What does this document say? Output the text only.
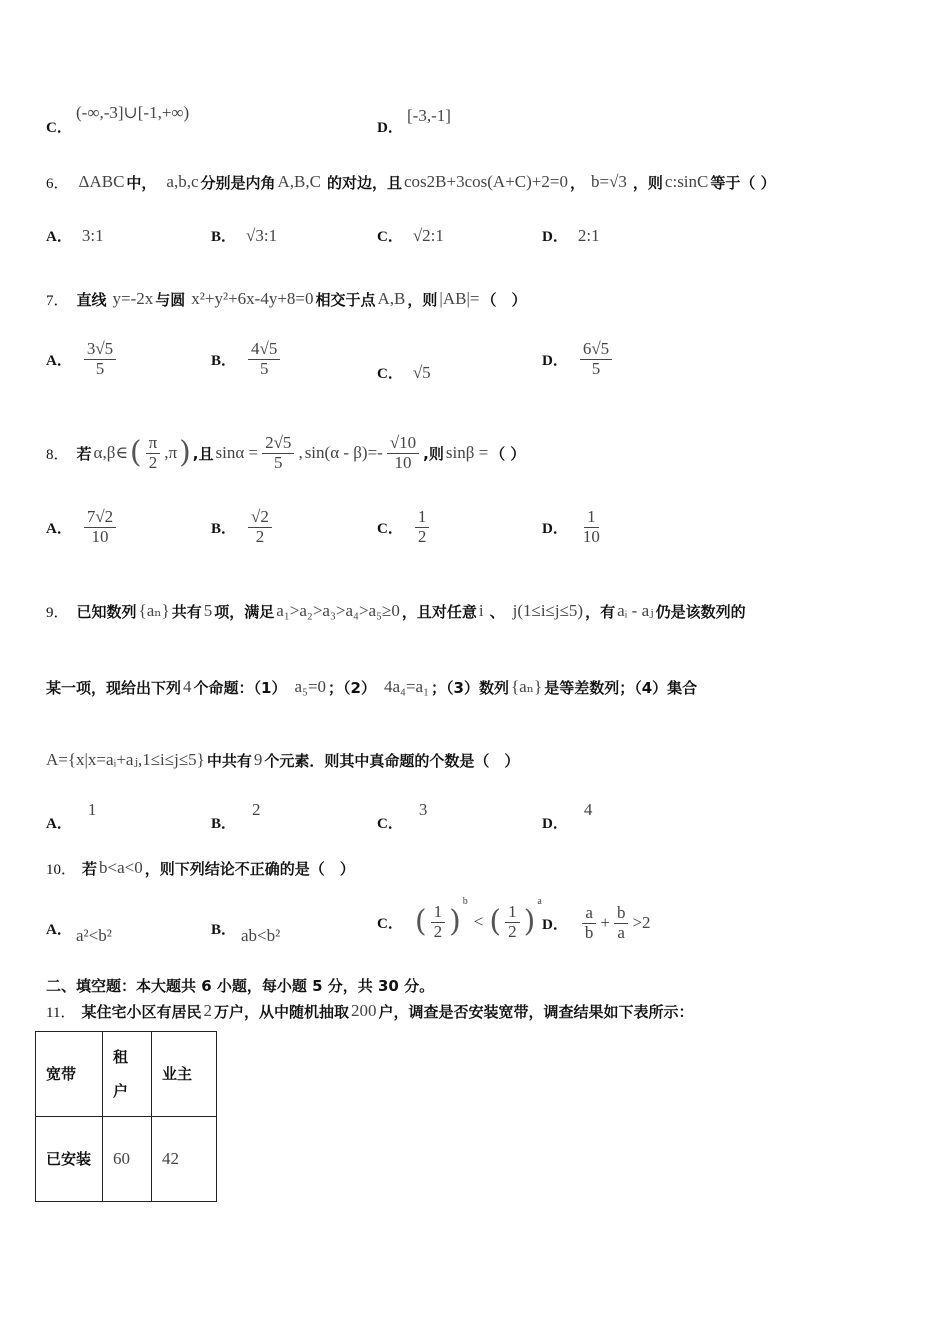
C．
(-∞,-3]∪[-1,+∞)
D．
[-3,-1]
6． ΔABC 中， a,b,c 分别是内角 A,B,C 的对边，且 cos2B+3cos(A+C)+2=0 ， b=√3 ，则 c:sinC 等于（ ）
A． 3:1	B． √3:1	C． √2:1	D． 2:1
7． 直线 y=-2x 与圆 x²+y²+6x-4y+8=0 相交于点 A,B ，则 |AB|= （　）
A． $\frac{3√5}{5}$	B． $\frac{4√5}{5}$	C． √5
D． $\frac{6√5}{5}$
8． 若 α,β∈ ( $\frac{\pi}{2} ,\pi$ ) ,且 $\sin\alpha = \frac{2√5}{5}$ , $\sin(\alpha - \beta)=- \frac{√10}{10}$ ,则 sinβ = （ ）
A． $\frac{7√2}{10}$	B． $\frac{√2}{2}$	C． $\frac{1}{2}$	D． $\frac{1}{10}$
9． 已知数列 {aₙ} 共有 5 项，满足 a₁>a₂>a₃>a₄>a₅≥0 ，且对任意 i 、 j(1≤i≤j≤5) ，有 aᵢ - aⱼ 仍是该数列的
某一项，现给出下列 4 个命题：（1） a₅=0 ；（2） 4a₄=a₁ ；（3）数列 {aₙ} 是等差数列；（4）集合
A={x|x=aᵢ+aⱼ,1≤i≤j≤5} 中共有 9 个元素．则其中真命题的个数是（　）
A．
1
B．
2
C．
3
D．
4
10． 若 b<a<0 ，则下列结论不正确的是（　）
A． a²<b²	B． ab<b²
C． ( $\frac{1}{2}$ )
b
< ( $\frac{1}{2}$ )
a
D． $\frac{a}{b} + \frac{b}{a} >2$
二、填空题：本大题共 6 小题，每小题 5 分，共 30 分。
11． 某住宅小区有居民 2 万户，从中随机抽取 200 户，调查是否安装宽带，调查结果如下表所示：
宽带	租户	业主
已安装	60	42
